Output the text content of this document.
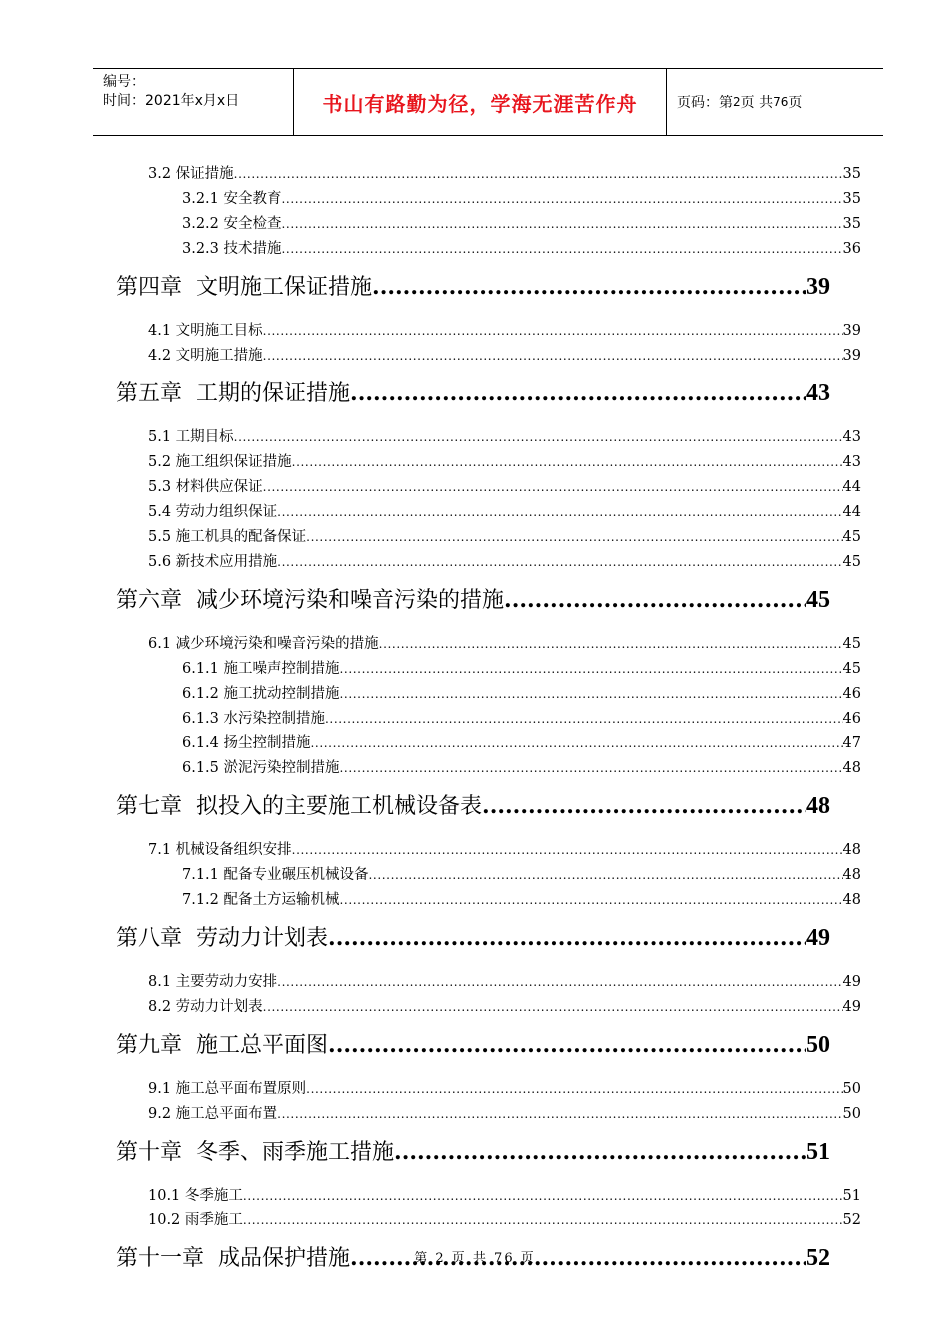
编号：
时间：2021年x月x日	书山有路勤为径，学海无涯苦作舟	页码：第 2 页 共 76 页
3.2 保证措施 .....	35
3.2.1 安全教育 .....	35
3.2.2 安全检查 .....	35
3.2.3 技术措施 .....	36
第四章 文明施工保证措施 .....	39
4.1 文明施工目标 .....	39
4.2 文明施工措施 .....	39
第五章 工期的保证措施 .....	43
5.1 工期目标 .....	43
5.2 施工组织保证措施 .....	43
5.3 材料供应保证 .....	44
5.4 劳动力组织保证 .....	44
5.5 施工机具的配备保证 .....	45
5.6 新技术应用措施 .....	45
第六章 减少环境污染和噪音污染的措施 .....	45
6.1 减少环境污染和噪音污染的措施 .....	45
6.1.1 施工噪声控制措施 .....	45
6.1.2 施工扰动控制措施 .....	46
6.1.3 水污染控制措施 .....	46
6.1.4 扬尘控制措施 .....	47
6.1.5 淤泥污染控制措施 .....	48
第七章 拟投入的主要施工机械设备表 .....	48
7.1 机械设备组织安排 .....	48
7.1.1 配备专业碾压机械设备 .....	48
7.1.2 配备土方运输机械 .....	48
第八章 劳动力计划表 .....	49
8.1 主要劳动力安排 .....	49
8.2 劳动力计划表 .....	49
第九章 施工总平面图 .....	50
9.1 施工总平面布置原则 .....	50
9.2 施工总平面布置 .....	50
第十章 冬季、雨季施工措施 .....	51
10.1 冬季施工 .....	51
10.2 雨季施工 .....	52
第十一章 成品保护措施 .....	52
第 2 页 共 76 页
